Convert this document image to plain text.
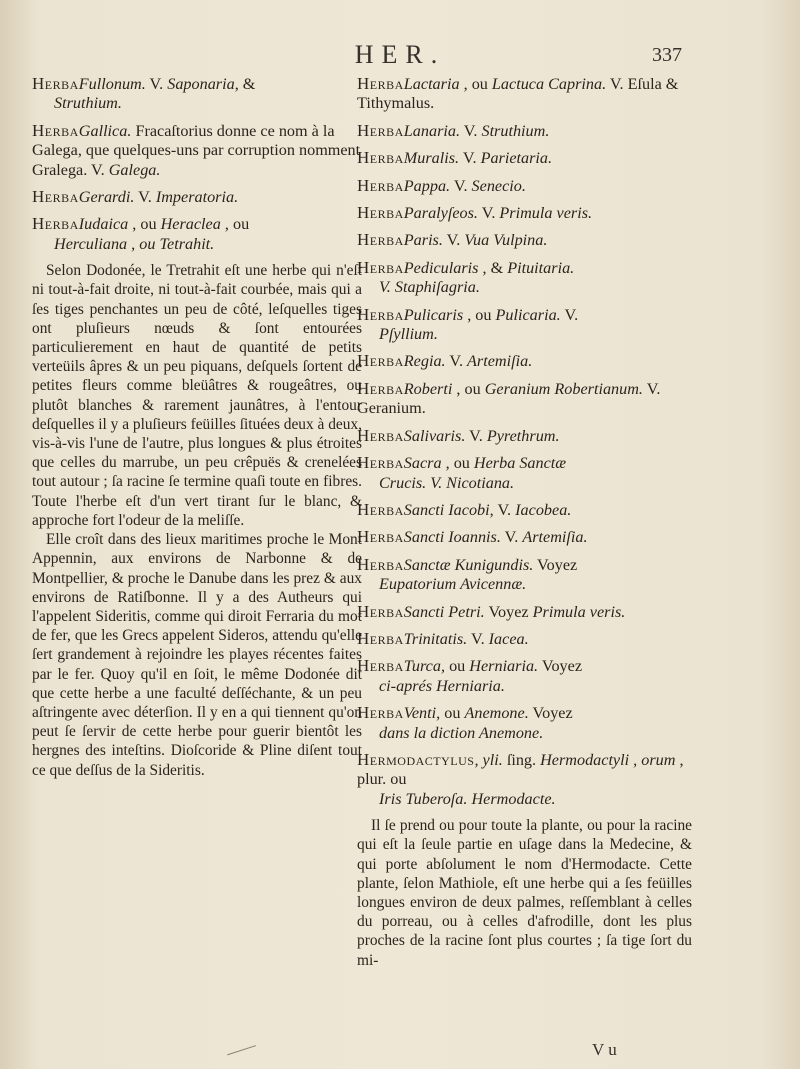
HER.	337
HerbaFullonum. V. Saponaria, &
Struthium.
HerbaGallica. Fracaſtorius donne ce nom à la Galega, que quelques-uns par corruption nomment Gralega. V. Galega.
HerbaGerardi. V. Imperatoria.
HerbaIudaica , ou Heraclea , ou
Herculiana , ou Tetrahit.

Selon Dodonée, le Tretrahit eſt une herbe qui n'eſt ni tout-à-fait droite, ni tout-à-fait courbée, mais qui a ſes tiges penchantes un peu de côté, leſquelles tiges ont pluſieurs nœuds & ſont entourées particulierement en haut de quantité de petits verteüils âpres & un peu piquans, deſquels ſortent de petites fleurs comme bleüâtres & rougeâtres, ou plutôt blanches & rarement jaunâtres, à l'entour deſquelles il y a pluſieurs feüilles ſituées deux à deux, vis-à-vis l'une de l'autre, plus longues & plus étroites que celles du marrube, un peu crêpuës & crenelées tout autour ; ſa racine ſe termine quaſi toute en fibres. Toute l'herbe eſt d'un vert tirant ſur le blanc, & approche fort l'odeur de la meliſſe.

Elle croît dans des lieux maritimes proche le Mont Appennin, aux environs de Narbonne & de Montpellier, & proche le Danube dans les prez & aux environs de Ratiſbonne. Il y a des Autheurs qui l'appelent Sideritis, comme qui diroit Ferraria du mot de fer, que les Grecs appelent Sideros, attendu qu'elle ſert grandement à rejoindre les playes récentes faites par le fer. Quoy qu'il en ſoit, le même Dodonée dit que cette herbe a une faculté deſſéchante, & un peu aſtringente avec déterſion. Il y en a qui tiennent qu'on peut ſe ſervir de cette herbe pour guerir bientôt les hergnes des inteſtins. Dioſcoride & Pline diſent tout ce que deſſus de la Sideritis.

HerbaLactaria , ou Lactuca Caprina. V. Eſula & Tithymalus.
HerbaLanaria. V. Struthium.
HerbaMuralis. V. Parietaria.
HerbaPappa. V. Senecio.
HerbaParalyſeos. V. Primula veris.
HerbaParis. V. Vua Vulpina.
HerbaPedicularis , & Pituitaria.
V. Staphiſagria.
HerbaPulicaris , ou Pulicaria. V.
Pſyllium.
HerbaRegia. V. Artemiſia.
HerbaRoberti , ou Geranium Robertianum. V. Geranium.
HerbaSalivaris. V. Pyrethrum.
HerbaSacra , ou Herba Sanctæ
Crucis. V. Nicotiana.
HerbaSancti Iacobi, V. Iacobea.
HerbaSancti Ioannis. V. Artemiſia.
HerbaSanctæ Kunigundis. Voyez
Eupatorium Avicennæ.
HerbaSancti Petri. Voyez Primula veris.
HerbaTrinitatis. V. Iacea.
HerbaTurca, ou Herniaria. Voyez
ci-aprés Herniaria.
HerbaVenti, ou Anemone. Voyez
dans la diction Anemone.
Hermodactylus, yli. ſing. Hermodactyli , orum , plur. ou
Iris Tuberoſa. Hermodacte.

Il ſe prend ou pour toute la plante, ou pour la racine qui eſt la ſeule partie en uſage dans la Medecine, & qui porte abſolument le nom d'Hermodacte. Cette plante, ſelon Mathiole, eſt une herbe qui a ſes feüilles longues environ de deux palmes, reſſemblant à celles du porreau, ou à celles d'afrodille, dont les plus proches de la racine ſont plus courtes ; ſa tige ſort du mi-

V u
